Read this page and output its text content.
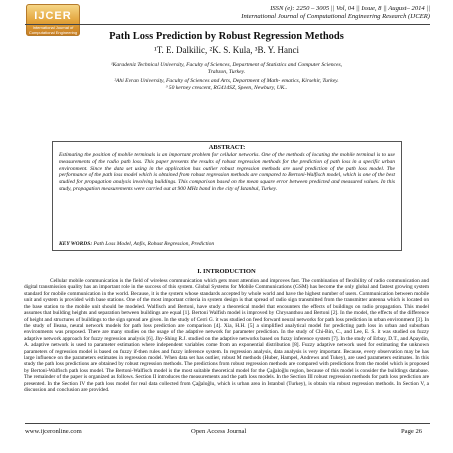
IJCER
International Journal of Computational Engineering Research
ISSN (e): 2250 – 3005 || Vol, 04 || Issue, 8 || August– 2014 ||
International Journal of Computational Engineering Research (IJCER)
Path Loss Prediction by Robust Regression Methods
¹T. E. Dalkilic, ²K. S. Kula, ³B. Y. Hanci
¹Karadeniz Technical University, Faculty of Sciences, Department of Statistics and Computer Sciences,
Trabzon, Turkey.
²Ahi Evran University, Faculty of Sciences and Arts, Department of Math- ematics, Kirsehir, Turkey.
³ 50 kerney crescent, RG414SZ, Speen, Newbury, UK..
ABSTRACT:
Estimating the position of mobile terminals is an important problem for cellular networks. One of the methods of locating the mobile terminal is to use measurements of the radio path loss. This paper presents the results of robust regression methods for the prediction of path loss in a specific urban environment. Since the data set using in the application has outlier robust regression methods are used prediction of the path loss model. The performance of the path loss model which is obtained from robust regression methods are compared to Bertoni-Walfisch model, which is one of the best studied for propagation analysis involving buildings. This comparison based on the mean square error between predicted and measured values. In this study, propagation measurements were carried out at 900 MHz band in the city of Istanbul, Turkey.
KEY WORDS: Path Loss Model, Anfis, Robust Regression, Prediction
I. INTRODUCTION

Cellular mobile communication is the field of wireless communication which gets most attention and improves fast. The combination of flexibility of radio communication and digital transmission quality has an important role in the success of this system. Global Systems for Mobile Communications (GSM) has become the only global and fastest growing system standard for mobile communication in the world. Because, it is the system whose standards accepted by whole world and have the highest number of users. Communication between mobile unit and system is provided with base stations. One of the most important criteria in system design is that spread of radio sign transmitted from the transmitter antenna which is located on the base station to the mobile unit should be modeled. Walfisch and Bertoni, have study a theoretical model that encounters the effects of buildings on radio propagation. This model assumes that building heights and separation between buildings are equal [1]. Bertoni Walfish model is improved by Chrysanthou and Bertoni [2]. In the model, the effects of the difference of height and structures of buildings to the sign spread are given. In the study of Cerri G. it was studied on feed forward neural networks for path loss prediction in urban environment [3]. In the study of Ileana, neural network models for path loss prediction are comparison [4]. Xia, H.H. [5] a simplified analytical model for predicting path loss in urban and suburban environments was proposed. There are many studies on the usage of the adaptive network for parameter prediction. In the study of Chi-Bin, C., and Lee, E. S. it was studied on fuzzy adaptive network approach for fuzzy regression analysis [6]. Jhy-Shing R.J. studied on the adaptive networks based on fuzzy inference system [7]. In the study of Erbay, D.T., and Apaydin, A. adaptive network is used to parameter estimation where independent variables come from an exponential distribution [8]. Fuzzy adaptive network used for estimating the unknown parameters of regression model is based on fuzzy if-then rules and fuzzy inference system. In regression analysis, data analysis is very important. Because, every observation may be has large influence on the parameters estimates in regression model. When data set has outlier, robust M methods (Huber, Hampel, Andrews and Tukey), are used parameters estimates. In this study the path loss predictions are obtained by robust regression methods. The predictions from robust regression methods are compared with predictions from the model which is proposed by Bertoni-Walfisch path loss model. The Bertoni-Walfisch model is the most suitable theoretical model for the Çağaloğlu region, because of this model is consider the buildings database. The remainder of the paper is organized as follows. Section II introduces the measurements and the path loss models. In the Section III robust regression methods for path loss prediction are presented. In the Section IV the path loss model for real data collected from Çağaloğlu, which is urban area in Istanbul (Turkey), is obtain via robust regression methods. In Section V, a discussion and conclusion are provided.

www.ijceronline.com	Open Access Journal	Page 26
